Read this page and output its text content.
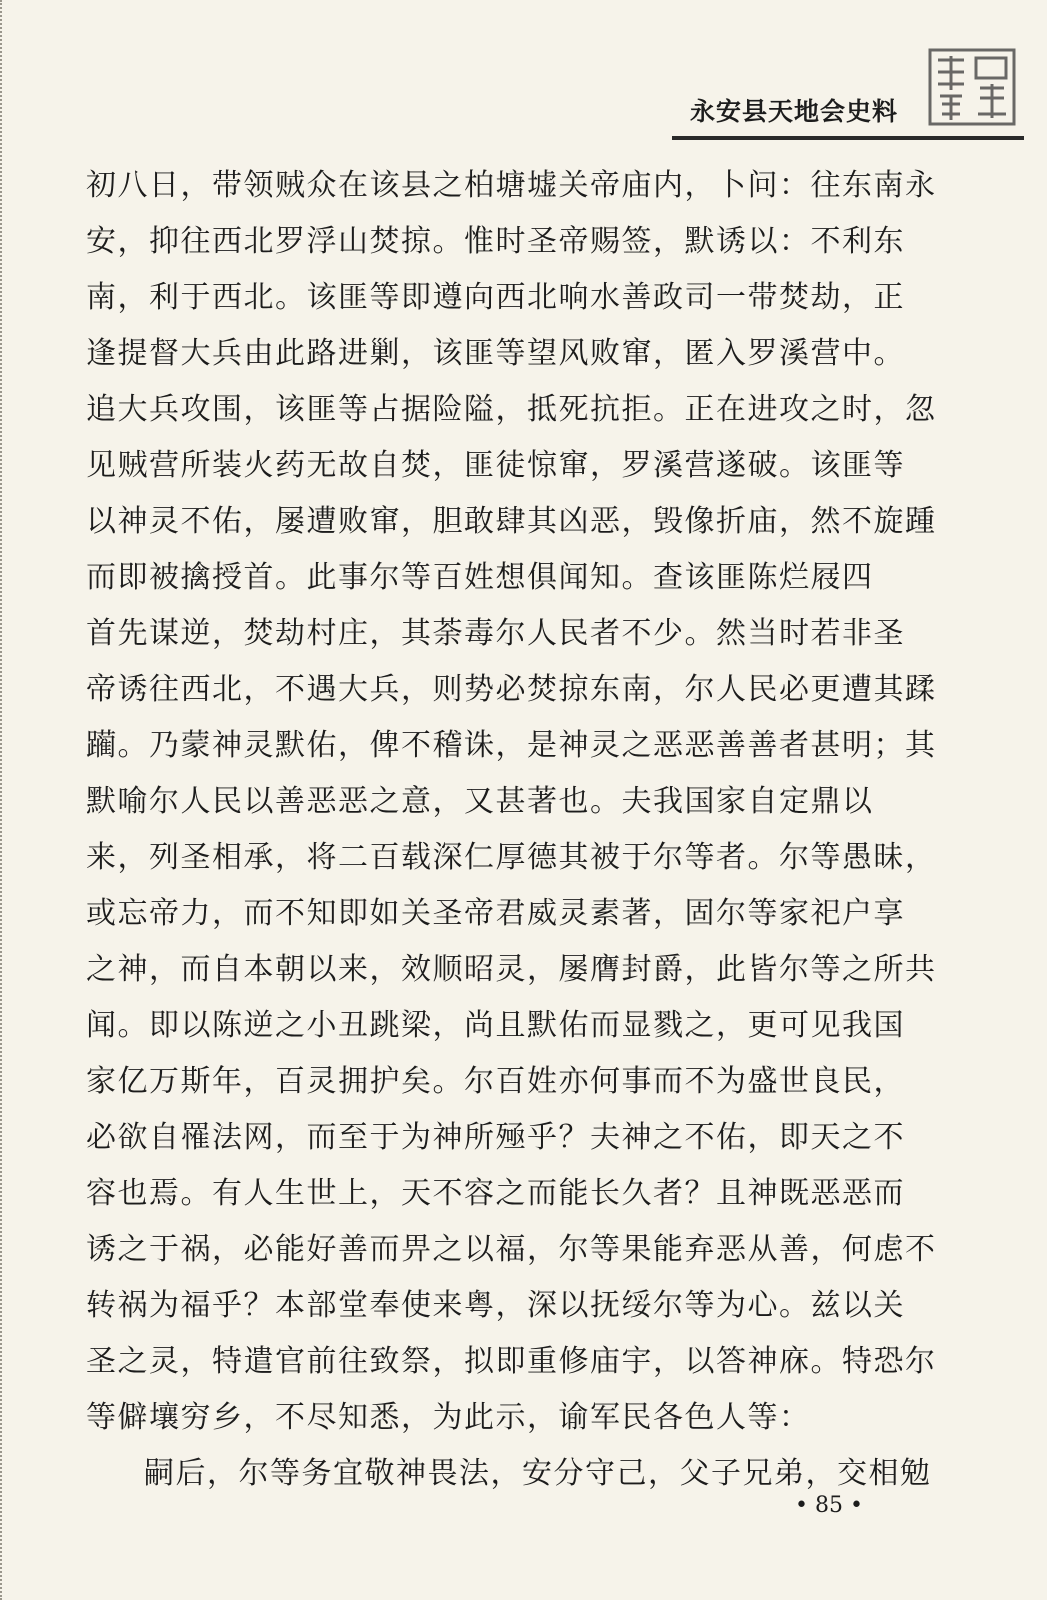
永安县天地会史料
初八日，带领贼众在该县之柏塘墟关帝庙内，卜问：往东南永
安，抑往西北罗浮山焚掠。惟时圣帝赐签，默诱以：不利东
南，利于西北。该匪等即遵向西北响水善政司一带焚劫，正
逢提督大兵由此路进剿，该匪等望风败窜，匿入罗溪营中。
追大兵攻围，该匪等占据险隘，抵死抗拒。正在进攻之时，忽
见贼营所装火药无故自焚，匪徒惊窜，罗溪营遂破。该匪等
以神灵不佑，屡遭败窜，胆敢肆其凶恶，毁像折庙，然不旋踵
而即被擒授首。此事尔等百姓想俱闻知。查该匪陈烂屐四
首先谋逆，焚劫村庄，其荼毒尔人民者不少。然当时若非圣
帝诱往西北，不遇大兵，则势必焚掠东南，尔人民必更遭其蹂
躏。乃蒙神灵默佑，俾不稽诛，是神灵之恶恶善善者甚明；其
默喻尔人民以善恶恶之意，又甚著也。夫我国家自定鼎以
来，列圣相承，将二百载深仁厚德其被于尔等者。尔等愚昧，
或忘帝力，而不知即如关圣帝君威灵素著，固尔等家祀户享
之神，而自本朝以来，效顺昭灵，屡膺封爵，此皆尔等之所共
闻。即以陈逆之小丑跳梁，尚且默佑而显戮之，更可见我国
家亿万斯年，百灵拥护矣。尔百姓亦何事而不为盛世良民，
必欲自罹法网，而至于为神所殛乎？夫神之不佑，即天之不
容也焉。有人生世上，天不容之而能长久者？且神既恶恶而
诱之于祸，必能好善而畀之以福，尔等果能弃恶从善，何虑不
转祸为福乎？本部堂奉使来粤，深以抚绥尔等为心。兹以关
圣之灵，特遣官前往致祭，拟即重修庙宇，以答神庥。特恐尔
等僻壤穷乡，不尽知悉，为此示，谕军民各色人等：
嗣后，尔等务宜敬神畏法，安分守己，父子兄弟，交相勉
• 85 •
